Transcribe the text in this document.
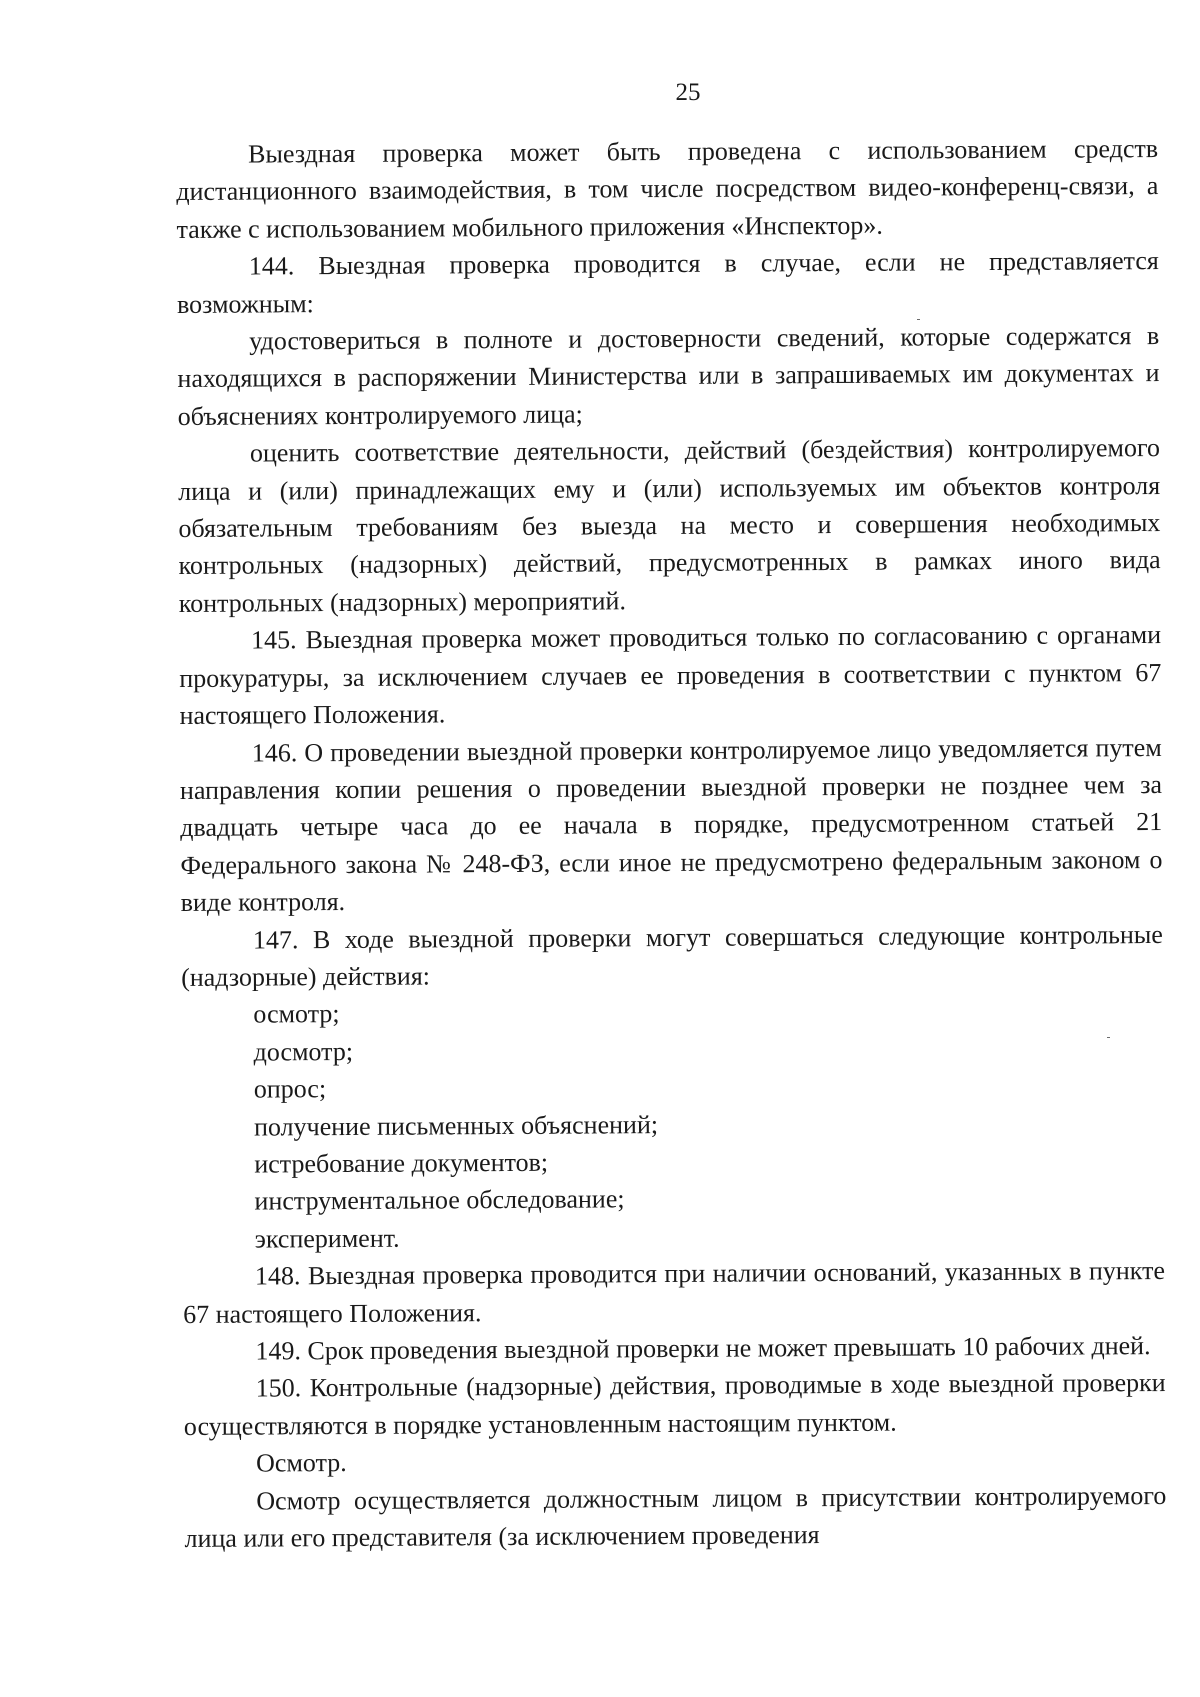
25

Выездная проверка может быть проведена с использованием средств дистанционного взаимодействия, в том числе посредством видео-конференц-связи, а также с использованием мобильного приложения «Инспектор».

144. Выездная проверка проводится в случае, если не представляется возможным:

удостовериться в полноте и достоверности сведений, которые содержатся в находящихся в распоряжении Министерства или в запрашиваемых им документах и объяснениях контролируемого лица;

оценить соответствие деятельности, действий (бездействия) контролируемого лица и (или) принадлежащих ему и (или) используемых им объектов контроля обязательным требованиям без выезда на место и совершения необходимых контрольных (надзорных) действий, предусмотренных в рамках иного вида контрольных (надзорных) мероприятий.

145. Выездная проверка может проводиться только по согласованию с органами прокуратуры, за исключением случаев ее проведения в соответствии с пунктом 67 настоящего Положения.

146. О проведении выездной проверки контролируемое лицо уведомляется путем направления копии решения о проведении выездной проверки не позднее чем за двадцать четыре часа до ее начала в порядке, предусмотренном статьей 21 Федерального закона № 248-ФЗ, если иное не предусмотрено федеральным законом о виде контроля.

147. В ходе выездной проверки могут совершаться следующие контрольные (надзорные) действия:

осмотр;

досмотр;

опрос;

получение письменных объяснений;

истребование документов;

инструментальное обследование;

эксперимент.

148. Выездная проверка проводится при наличии оснований, указанных в пункте 67 настоящего Положения.

149. Срок проведения выездной проверки не может превышать 10 рабочих дней.

150. Контрольные (надзорные) действия, проводимые в ходе выездной проверки осуществляются в порядке установленным настоящим пунктом.

Осмотр.

Осмотр осуществляется должностным лицом в присутствии контролируемого лица или его представителя (за исключением проведения
